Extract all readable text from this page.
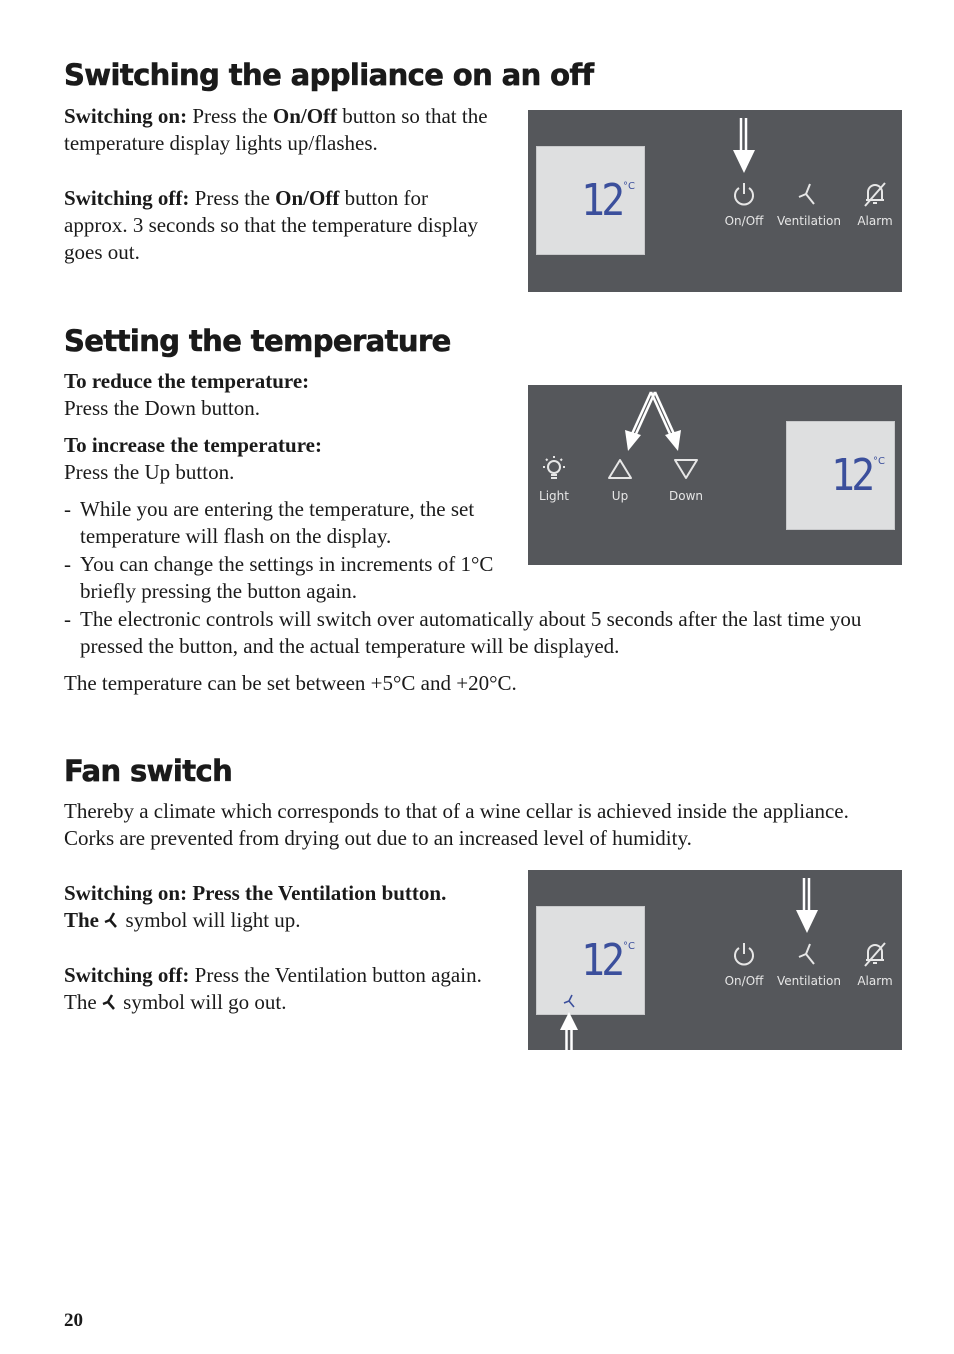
Switching the appliance on an off

Switching on: Press the On/Off button so that the temperature display lights up/flashes.

Switching off: Press the On/Off button for approx. 3 seconds so that the temperature display goes out.

12 °C
On/Off	Ventilation	Alarm
Setting the temperature

To reduce the temperature:
Press the Down button.

To increase the temperature:
Press the Up button.

- While you are entering the temperature, the set temperature will flash on the display.
- You can change the settings in increments of 1°C briefly pressing the button again.
- The electronic controls will switch over automatically about 5 seconds after the last time you pressed the button, and the actual temperature will be displayed.

The temperature can be set between +5°C and +20°C.

Light	Up	Down	12 °C
Fan switch

Thereby a climate which corresponds to that of a wine cellar is achieved inside the appliance. Corks are prevented from drying out due to an increased level of humidity.

Switching on: Press the Ventilation button.
The  symbol will light up.

Switching off: Press the Ventilation button again. The  symbol will go out.

12 °C
On/Off	Ventilation	Alarm
20
